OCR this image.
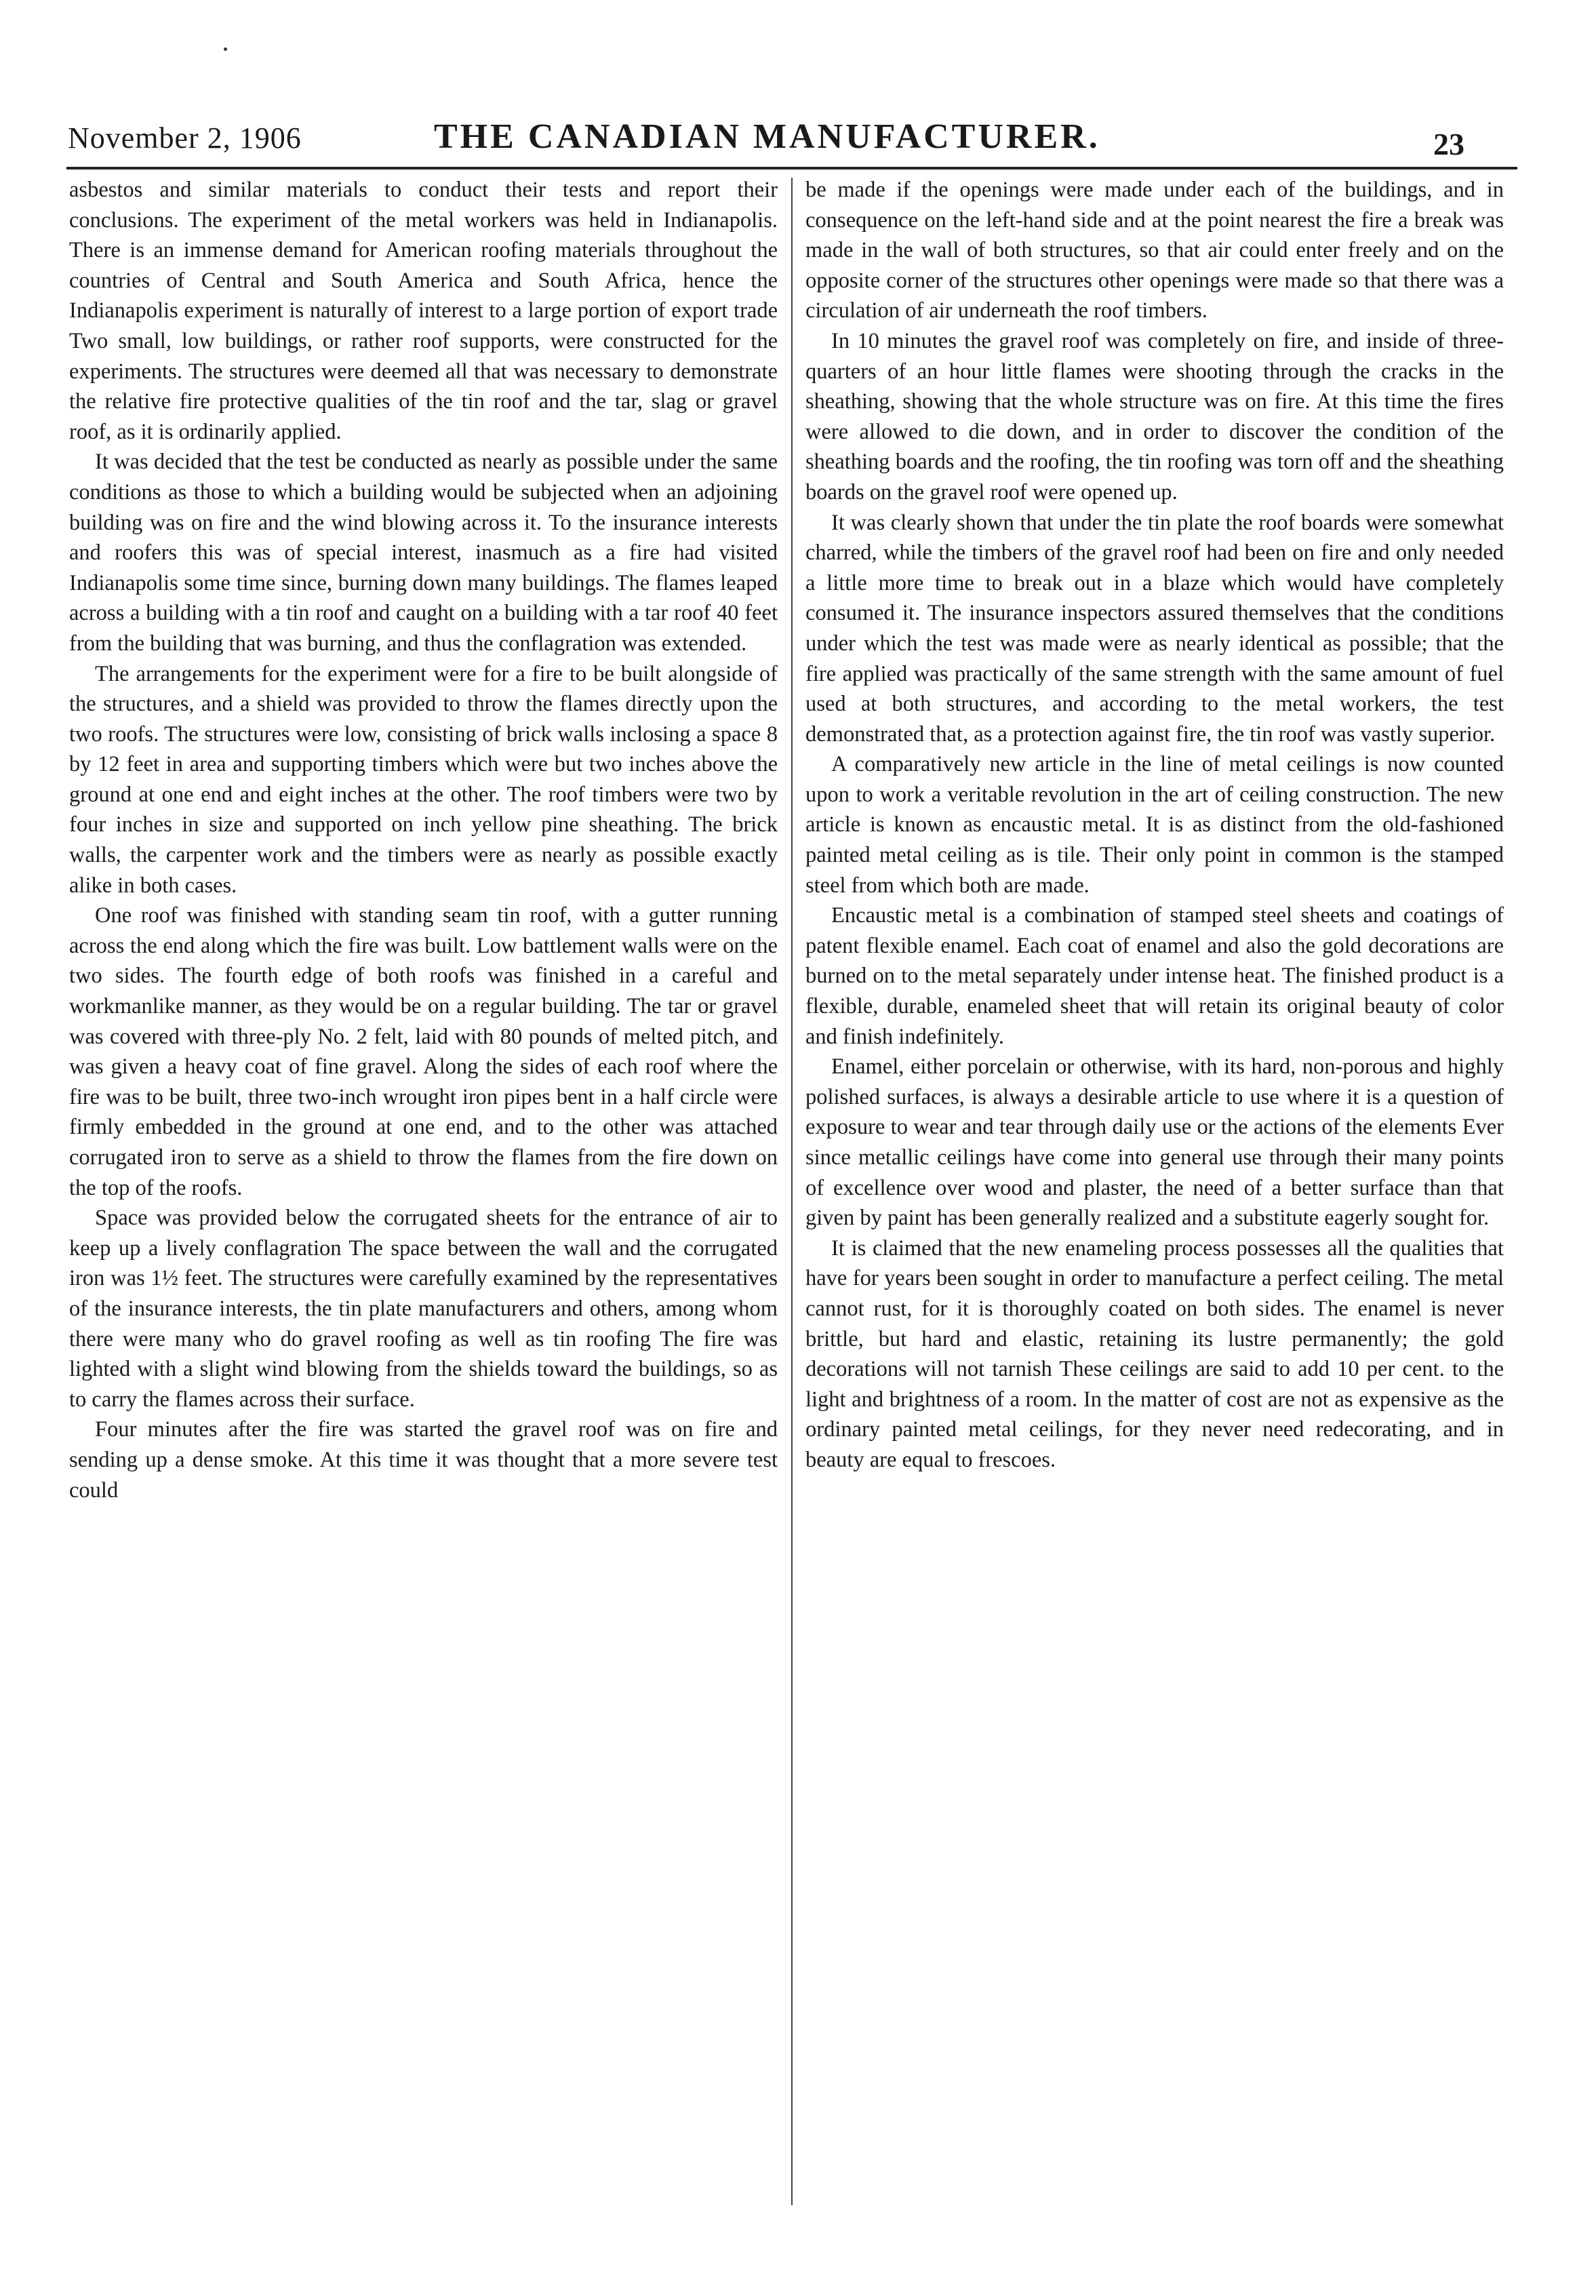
November 2, 1906	THE CANADIAN MANUFACTURER.	23

asbestos and similar materials to conduct their tests and report their conclusions. The experiment of the metal workers was held in Indianapolis. There is an immense demand for American roofing materials throughout the countries of Central and South America and South Africa, hence the Indianapolis experiment is naturally of interest to a large portion of export trade Two small, low buildings, or rather roof supports, were constructed for the experiments. The structures were deemed all that was necessary to demonstrate the relative fire protective qualities of the tin roof and the tar, slag or gravel roof, as it is ordinarily applied.

It was decided that the test be conducted as nearly as possible under the same conditions as those to which a building would be subjected when an adjoining building was on fire and the wind blowing across it. To the insurance interests and roofers this was of special interest, inasmuch as a fire had visited Indianapolis some time since, burning down many buildings. The flames leaped across a building with a tin roof and caught on a building with a tar roof 40 feet from the building that was burning, and thus the conflagration was extended.

The arrangements for the experiment were for a fire to be built alongside of the structures, and a shield was provided to throw the flames directly upon the two roofs. The structures were low, consisting of brick walls inclosing a space 8 by 12 feet in area and supporting timbers which were but two inches above the ground at one end and eight inches at the other. The roof timbers were two by four inches in size and supported on inch yellow pine sheathing. The brick walls, the carpenter work and the timbers were as nearly as possible exactly alike in both cases.

One roof was finished with standing seam tin roof, with a gutter running across the end along which the fire was built. Low battlement walls were on the two sides. The fourth edge of both roofs was finished in a careful and workmanlike manner, as they would be on a regular building. The tar or gravel was covered with three-ply No. 2 felt, laid with 80 pounds of melted pitch, and was given a heavy coat of fine gravel. Along the sides of each roof where the fire was to be built, three two-inch wrought iron pipes bent in a half circle were firmly embedded in the ground at one end, and to the other was attached corrugated iron to serve as a shield to throw the flames from the fire down on the top of the roofs.

Space was provided below the corrugated sheets for the entrance of air to keep up a lively conflagration The space between the wall and the corrugated iron was 1½ feet. The structures were carefully examined by the representatives of the insurance interests, the tin plate manufacturers and others, among whom there were many who do gravel roofing as well as tin roofing The fire was lighted with a slight wind blowing from the shields toward the buildings, so as to carry the flames across their surface.

Four minutes after the fire was started the gravel roof was on fire and sending up a dense smoke. At this time it was thought that a more severe test could

be made if the openings were made under each of the buildings, and in consequence on the left-hand side and at the point nearest the fire a break was made in the wall of both structures, so that air could enter freely and on the opposite corner of the structures other openings were made so that there was a circulation of air underneath the roof timbers.

In 10 minutes the gravel roof was completely on fire, and inside of three-quarters of an hour little flames were shooting through the cracks in the sheathing, showing that the whole structure was on fire. At this time the fires were allowed to die down, and in order to discover the condition of the sheathing boards and the roofing, the tin roofing was torn off and the sheathing boards on the gravel roof were opened up.

It was clearly shown that under the tin plate the roof boards were somewhat charred, while the timbers of the gravel roof had been on fire and only needed a little more time to break out in a blaze which would have completely consumed it. The insurance inspectors assured themselves that the conditions under which the test was made were as nearly identical as possible; that the fire applied was practically of the same strength with the same amount of fuel used at both structures, and according to the metal workers, the test demonstrated that, as a protection against fire, the tin roof was vastly superior.

A comparatively new article in the line of metal ceilings is now counted upon to work a veritable revolution in the art of ceiling construction. The new article is known as encaustic metal. It is as distinct from the old-fashioned painted metal ceiling as is tile. Their only point in common is the stamped steel from which both are made.

Encaustic metal is a combination of stamped steel sheets and coatings of patent flexible enamel. Each coat of enamel and also the gold decorations are burned on to the metal separately under intense heat. The finished product is a flexible, durable, enameled sheet that will retain its original beauty of color and finish indefinitely.

Enamel, either porcelain or otherwise, with its hard, non-porous and highly polished surfaces, is always a desirable article to use where it is a question of exposure to wear and tear through daily use or the actions of the elements Ever since metallic ceilings have come into general use through their many points of excellence over wood and plaster, the need of a better surface than that given by paint has been generally realized and a substitute eagerly sought for.

It is claimed that the new enameling process possesses all the qualities that have for years been sought in order to manufacture a perfect ceiling. The metal cannot rust, for it is thoroughly coated on both sides. The enamel is never brittle, but hard and elastic, retaining its lustre permanently; the gold decorations will not tarnish These ceilings are said to add 10 per cent. to the light and brightness of a room. In the matter of cost are not as expensive as the ordinary painted metal ceilings, for they never need redecorating, and in beauty are equal to frescoes.
